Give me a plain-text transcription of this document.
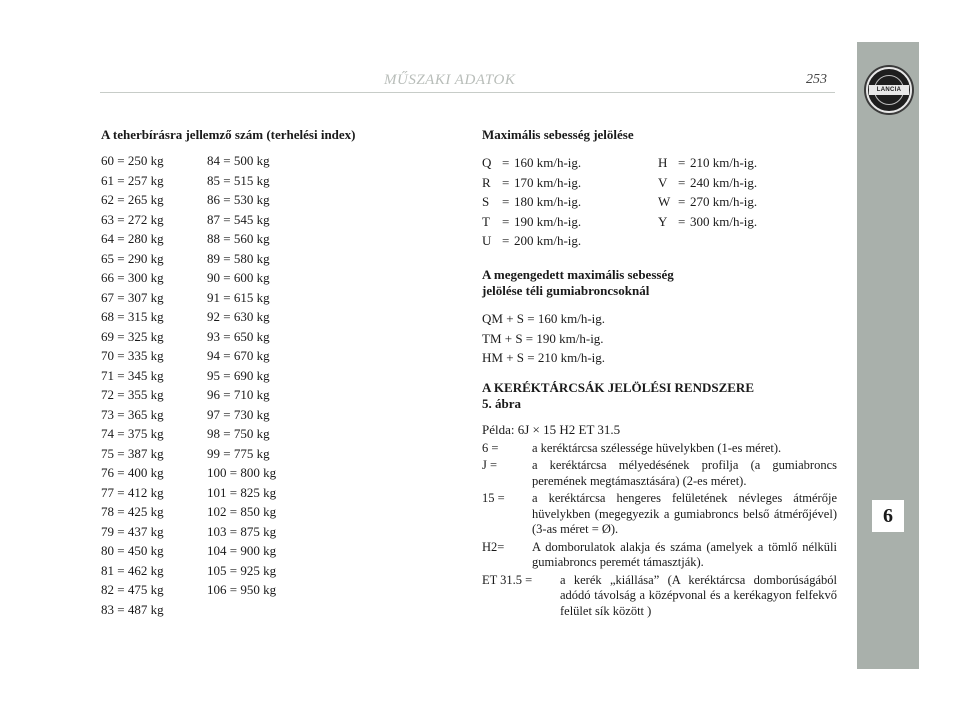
LANCIA
6
MŰSZAKI ADATOK	253
A teherbírásra jellemző szám (terhelési index)
60 = 250 kg
61 = 257 kg
62 = 265 kg
63 = 272 kg
64 = 280 kg
65 = 290 kg
66 = 300 kg
67 = 307 kg
68 = 315 kg
69 = 325 kg
70 = 335 kg
71 = 345 kg
72 = 355 kg
73 = 365 kg
74 = 375 kg
75 = 387 kg
76 = 400 kg
77 = 412 kg
78 = 425 kg
79 = 437 kg
80 = 450 kg
81 = 462 kg
82 = 475 kg
83 = 487 kg
84 = 500 kg
85 = 515 kg
86 = 530 kg
87 = 545 kg
88 = 560 kg
89 = 580 kg
90 = 600 kg
91 = 615 kg
92 = 630 kg
93 = 650 kg
94 = 670 kg
95 = 690 kg
96 = 710 kg
97 = 730 kg
98 = 750 kg
99 = 775 kg
100 = 800 kg
101 = 825 kg
102 = 850 kg
103 = 875 kg
104 = 900 kg
105 = 925 kg
106 = 950 kg
Maximális sebesség jelölése
Q = 160 km/h-ig.
R = 170 km/h-ig.
S = 180 km/h-ig.
T = 190 km/h-ig.
U = 200 km/h-ig.
H = 210 km/h-ig.
V = 240 km/h-ig.
W = 270 km/h-ig.
Y = 300 km/h-ig.
A megengedett maximális sebesség
jelölése téli gumiabroncsoknál
QM + S = 160 km/h-ig.
TM + S = 190 km/h-ig.
HM + S = 210 km/h-ig.
A KERÉKTÁRCSÁK JELÖLÉSI RENDSZERE
5. ábra
Példa: 6J × 15 H2 ET 31.5
6 =	a keréktárcsa szélessége hüvelykben (1-es méret).
J =	a keréktárcsa mélyedésének profilja (a gumiabroncs peremének megtámasztására) (2-es méret).
15 =	a keréktárcsa hengeres felületének névleges átmérője hüvelykben (megegyezik a gumiabroncs belső átmérőjével) (3-as méret = Ø).
H2=	A domborulatok alakja és száma (amelyek a tömlő nélküli gumiabroncs peremét támasztják).
ET 31.5 =	a kerék „kiállása” (A keréktárcsa domborúságából adódó távolság a középvonal és a kerékagyon felfekvő felület sík között )
